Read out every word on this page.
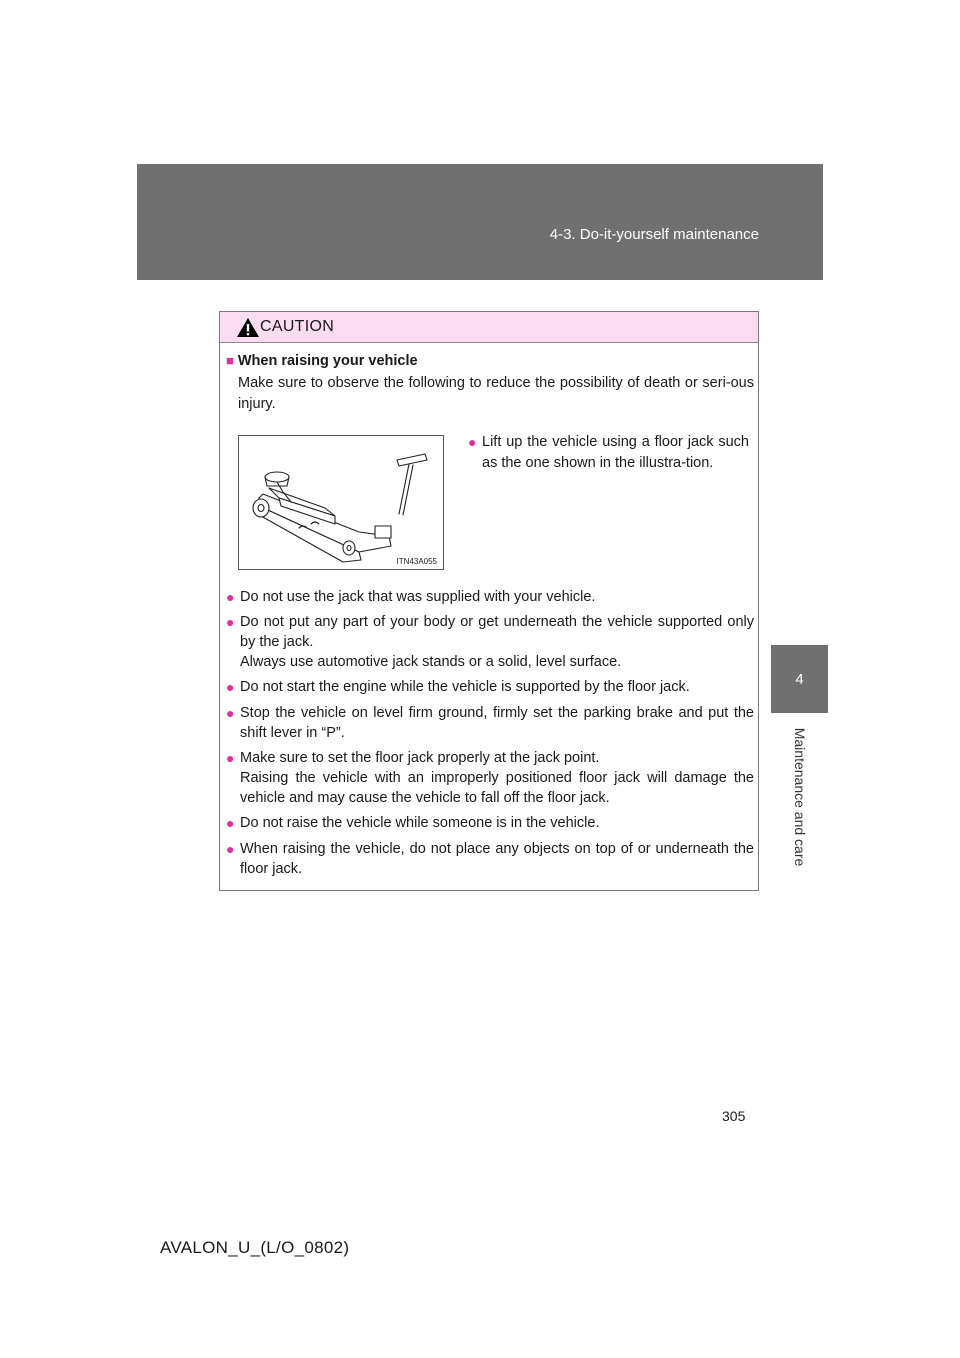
4-3. Do-it-yourself maintenance
4
Maintenance and care
CAUTION
■ When raising your vehicle
Make sure to observe the following to reduce the possibility of death or seri-ous injury.
ITN43A055
● Lift up the vehicle using a floor jack such as the one shown in the illustra-tion.
● Do not use the jack that was supplied with your vehicle.
● Do not put any part of your body or get underneath the vehicle supported only by the jack.
Always use automotive jack stands or a solid, level surface.
● Do not start the engine while the vehicle is supported by the floor jack.
● Stop the vehicle on level firm ground, firmly set the parking brake and put the shift lever in “P”.
● Make sure to set the floor jack properly at the jack point.
Raising the vehicle with an improperly positioned floor jack will damage the vehicle and may cause the vehicle to fall off the floor jack.
● Do not raise the vehicle while someone is in the vehicle.
● When raising the vehicle, do not place any objects on top of or underneath the floor jack.
305
AVALON_U_(L/O_0802)
